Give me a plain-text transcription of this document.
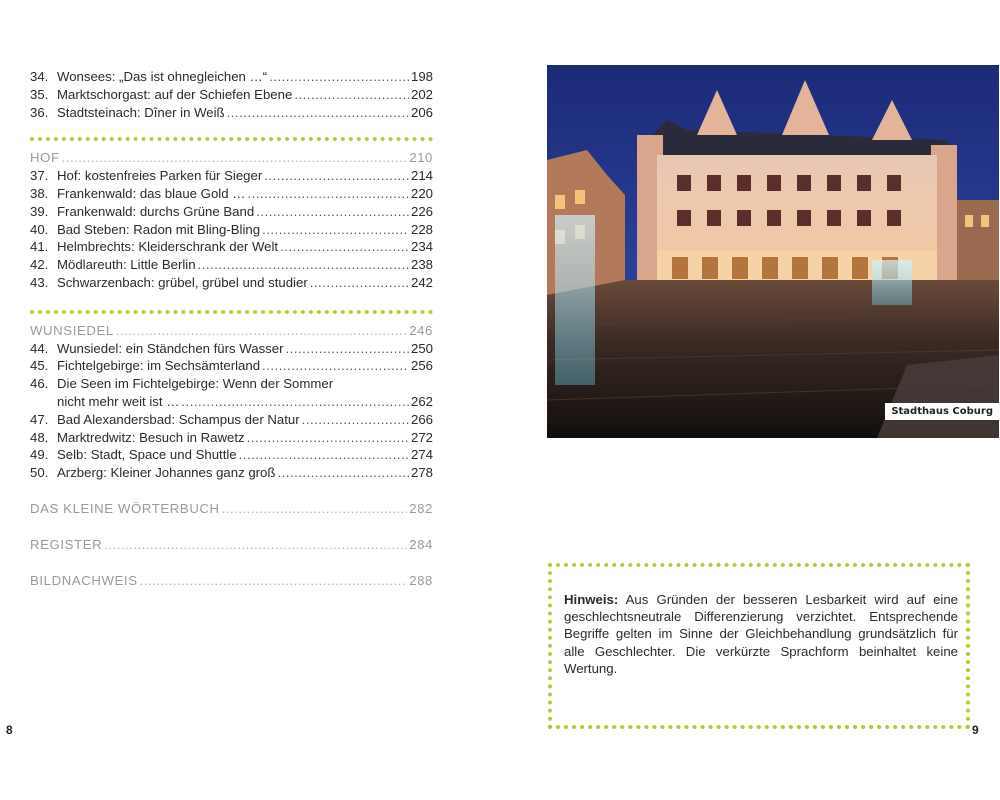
34. Wonsees: „Das ist ohnegleichen …“ .....	198
35. Marktschorgast: auf der Schiefen Ebene .....	202
36. Stadtsteinach: Dîner in Weiß .....	206
HOF .....	210
37. Hof: kostenfreies Parken für Sieger .....	214
38. Frankenwald: das blaue Gold … .....	220
39. Frankenwald: durchs Grüne Band .....	226
40. Bad Steben: Radon mit Bling-Bling .....	228
41. Helmbrechts: Kleiderschrank der Welt .....	234
42. Mödlareuth: Little Berlin .....	238
43. Schwarzenbach: grübel, grübel und studier .....	242
WUNSIEDEL .....	246
44. Wunsiedel: ein Ständchen fürs Wasser .....	250
45. Fichtelgebirge: im Sechsämterland .....	256
46. Die Seen im Fichtelgebirge: Wenn der Sommer
nicht mehr weit ist … .....	262
47. Bad Alexandersbad: Schampus der Natur .....	266
48. Marktredwitz: Besuch in Rawetz .....	272
49. Selb: Stadt, Space und Shuttle .....	274
50. Arzberg: Kleiner Johannes ganz groß .....	278
DAS KLEINE WÖRTERBUCH .....	282
REGISTER .....	284
BILDNACHWEIS .....	288
Stadthaus Coburg
Hinweis: Aus Gründen der besseren Lesbarkeit wird auf eine geschlechtsneutrale Differenzierung verzichtet. Entsprechende Begriffe gelten im Sinne der Gleichbehandlung grundsätzlich für alle Geschlechter. Die verkürzte Sprachform beinhaltet keine Wertung.
8	9
